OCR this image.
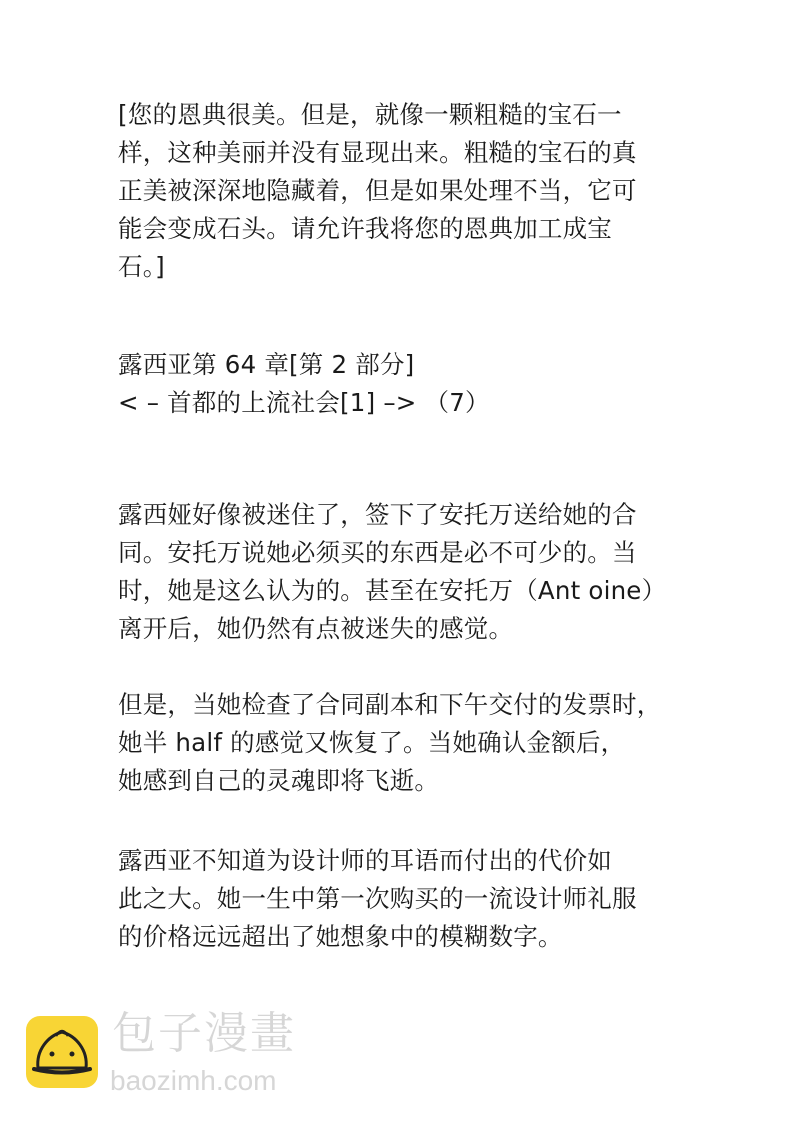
[您的恩典很美。但是，就像一颗粗糙的宝石一
样，这种美丽并没有显现出来。粗糙的宝石的真
正美被深深地隐藏着，但是如果处理不当，它可
能会变成石头。请允许我将您的恩典加工成宝
石。]
露西亚第 64 章[第 2 部分]
< – 首都的上流社会[1] –> （7）
露西娅好像被迷住了，签下了安托万送给她的合
同。安托万说她必须买的东西是必不可少的。当
时，她是这么认为的。甚至在安托万（Ant oine）
离开后，她仍然有点被迷失的感觉。
但是，当她检查了合同副本和下午交付的发票时，
她半 half 的感觉又恢复了。当她确认金额后，
她感到自己的灵魂即将飞逝。
露西亚不知道为设计师的耳语而付出的代价如
此之大。她一生中第一次购买的一流设计师礼服
的价格远远超出了她想象中的模糊数字。
包子漫畫
baozimh.com
